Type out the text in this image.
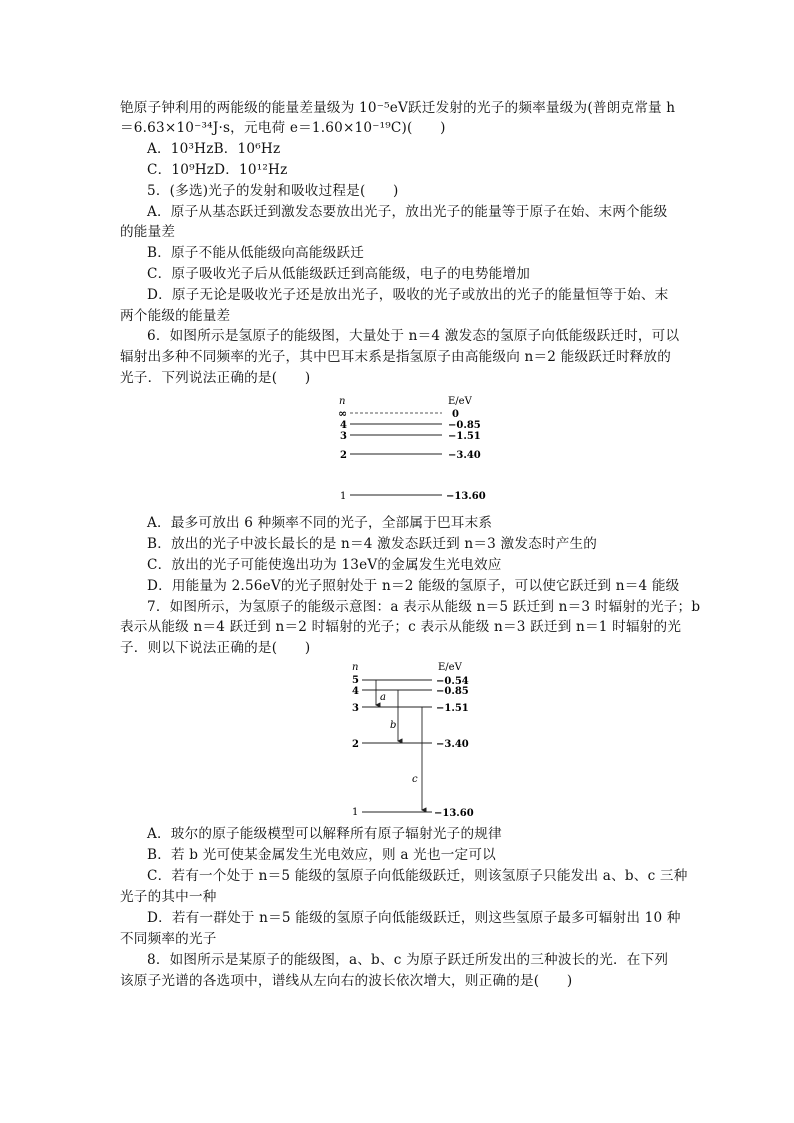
铯原子钟利用的两能级的能量差量级为 10⁻⁵eV跃迁发射的光子的频率量级为(普朗克常量 h
＝6.63×10⁻³⁴J·s，元电荷 e＝1.60×10⁻¹⁹C)(　　)
A．10³HzB．10⁶Hz
C．10⁹HzD．10¹²Hz
5．(多选)光子的发射和吸收过程是(　　)
A．原子从基态跃迁到激发态要放出光子，放出光子的能量等于原子在始、末两个能级
的能量差
B．原子不能从低能级向高能级跃迁
C．原子吸收光子后从低能级跃迁到高能级，电子的电势能增加
D．原子无论是吸收光子还是放出光子，吸收的光子或放出的光子的能量恒等于始、末
两个能级的能量差
6．如图所示是氢原子的能级图，大量处于 n＝4 激发态的氢原子向低能级跃迁时，可以
辐射出多种不同频率的光子，其中巴耳末系是指氢原子由高能级向 n＝2 能级跃迁时释放的
光子．下列说法正确的是(　　)
n	E/eV
∞	0
4	−0.85
3	−1.51
2	−3.40
1	−13.60
A．最多可放出 6 种频率不同的光子，全部属于巴耳末系
B．放出的光子中波长最长的是 n＝4 激发态跃迁到 n＝3 激发态时产生的
C．放出的光子可能使逸出功为 13eV的金属发生光电效应
D．用能量为 2.56eV的光子照射处于 n＝2 能级的氢原子，可以使它跃迁到 n＝4 能级
7．如图所示，为氢原子的能级示意图：a 表示从能级 n＝5 跃迁到 n＝3 时辐射的光子；b
表示从能级 n＝4 跃迁到 n＝2 时辐射的光子；c 表示从能级 n＝3 跃迁到 n＝1 时辐射的光
子．则以下说法正确的是(　　)
n	E/eV
5	−0.54
4	−0.85
3	−1.51
2	−3.40
1	−13.60
a
b
c
A．玻尔的原子能级模型可以解释所有原子辐射光子的规律
B．若 b 光可使某金属发生光电效应，则 a 光也一定可以
C．若有一个处于 n＝5 能级的氢原子向低能级跃迁，则该氢原子只能发出 a、b、c 三种
光子的其中一种
D．若有一群处于 n＝5 能级的氢原子向低能级跃迁，则这些氢原子最多可辐射出 10 种
不同频率的光子
8．如图所示是某原子的能级图，a、b、c 为原子跃迁所发出的三种波长的光．在下列
该原子光谱的各选项中，谱线从左向右的波长依次增大，则正确的是(　　)
